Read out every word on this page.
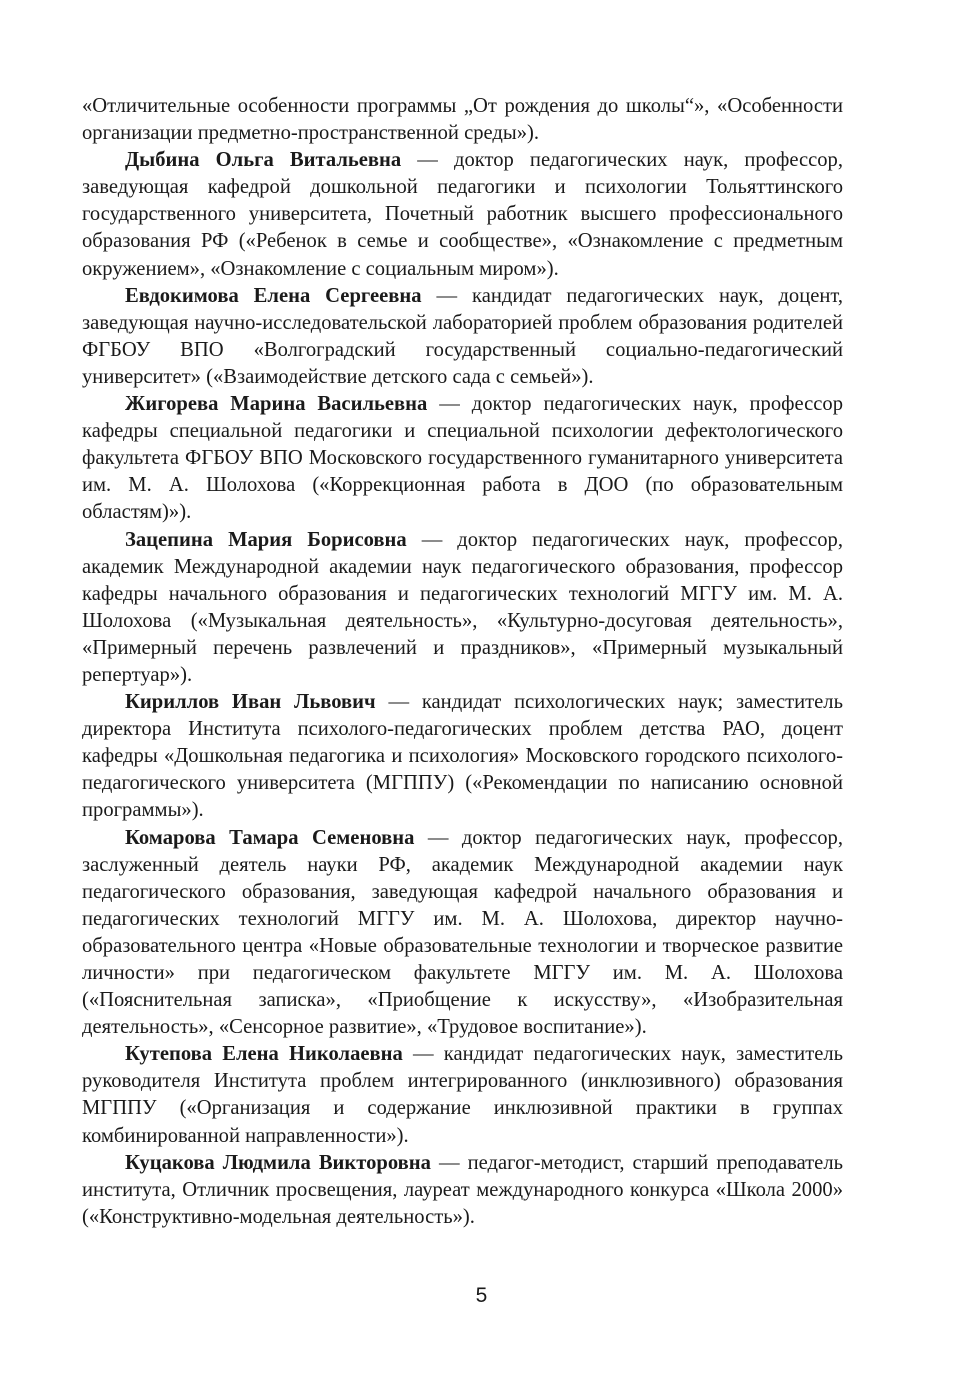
«Отличительные особенности программы „От рождения до школы“», «Особенности организации предметно-пространственной среды»).

Дыбина Ольга Витальевна — доктор педагогических наук, профессор, заведующая кафедрой дошкольной педагогики и психологии Тольяттинского государственного университета, Почетный работник высшего профессионального образования РФ («Ребенок в семье и сообществе», «Ознакомление с предметным окружением», «Ознакомление с социальным миром»).

Евдокимова Елена Сергеевна — кандидат педагогических наук, доцент, заведующая научно-исследовательской лабораторией проблем образования родителей ФГБОУ ВПО «Волгоградский государственный социально-педагогический университет» («Взаимодействие детского сада с семьей»).

Жигорева Марина Васильевна — доктор педагогических наук, профессор кафедры специальной педагогики и специальной психологии дефектологического факультета ФГБОУ ВПО Московского государственного гуманитарного университета им. М. А. Шолохова («Коррекционная работа в ДОО (по образовательным областям)»).

Зацепина Мария Борисовна — доктор педагогических наук, профессор, академик Международной академии наук педагогического образования, профессор кафедры начального образования и педагогических технологий МГГУ им. М. А. Шолохова («Музыкальная деятельность», «Культурно-досуговая деятельность», «Примерный перечень развлечений и праздников», «Примерный музыкальный репертуар»).

Кириллов Иван Львович — кандидат психологических наук; заместитель директора Института психолого-педагогических проблем детства РАО, доцент кафедры «Дошкольная педагогика и психология» Московского городского психолого-педагогического университета (МГППУ) («Рекомендации по написанию основной программы»).

Комарова Тамара Семеновна — доктор педагогических наук, профессор, заслуженный деятель науки РФ, академик Международной академии наук педагогического образования, заведующая кафедрой начального образования и педагогических технологий МГГУ им. М. А. Шолохова, директор научно-образовательного центра «Новые образовательные технологии и творческое развитие личности» при педагогическом факультете МГГУ им. М. А. Шолохова («Пояснительная записка», «Приобщение к искусству», «Изобразительная деятельность», «Сенсорное развитие», «Трудовое воспитание»).

Кутепова Елена Николаевна — кандидат педагогических наук, заместитель руководителя Института проблем интегрированного (инклюзивного) образования МГППУ («Организация и содержание инклюзивной практики в группах комбинированной направленности»).

Куцакова Людмила Викторовна — педагог-методист, старший преподаватель института, Отличник просвещения, лауреат международного конкурса «Школа 2000» («Конструктивно-модельная деятельность»).

5
